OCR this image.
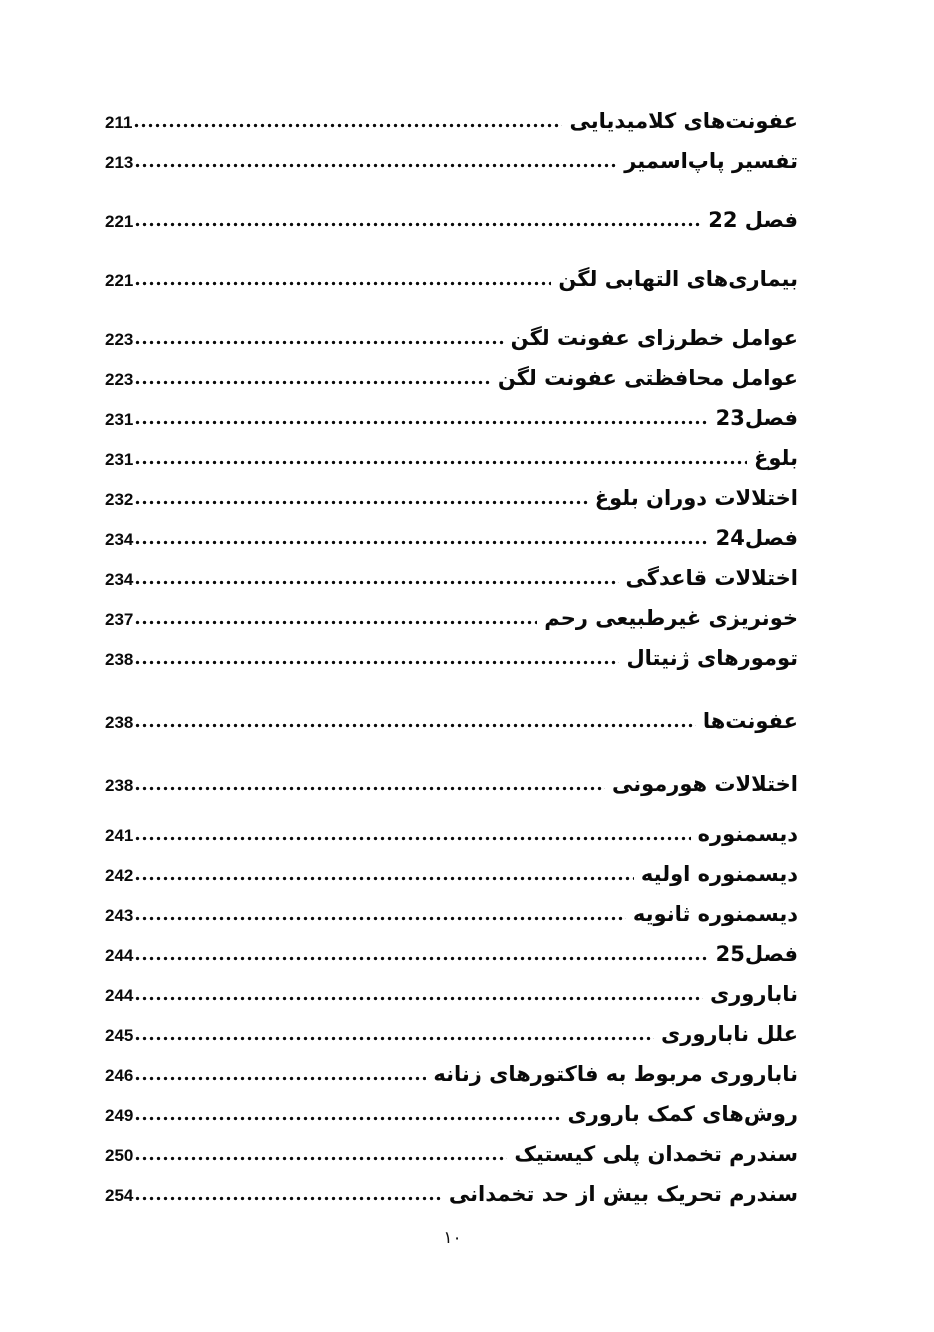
عفونت‌های کلامیدیایی
211
تفسیر پاپ‌اسمیر
213
فصل 22
221
بیماری‌های التهابی لگن
221
عوامل خطرزای عفونت لگن
223
عوامل محافظتی عفونت لگن
223
فصل23
231
بلوغ
231
اختلالات دوران بلوغ
232
فصل24
234
اختلالات قاعدگی
234
خونریزی غیرطبیعی رحم
237
تومورهای ژنیتال
238
عفونت‌ها
238
اختلالات هورمونی
238
دیسمنوره
241
دیسمنوره اولیه
242
دیسمنوره ثانویه
243
فصل25
244
ناباروری
244
علل ناباروری
245
ناباروری مربوط به فاکتورهای زنانه
246
روش‌های کمک باروری
249
سندرم تخمدان پلی کیستیک
250
سندرم تحریک بیش از حد تخمدانی
254
۱۰
